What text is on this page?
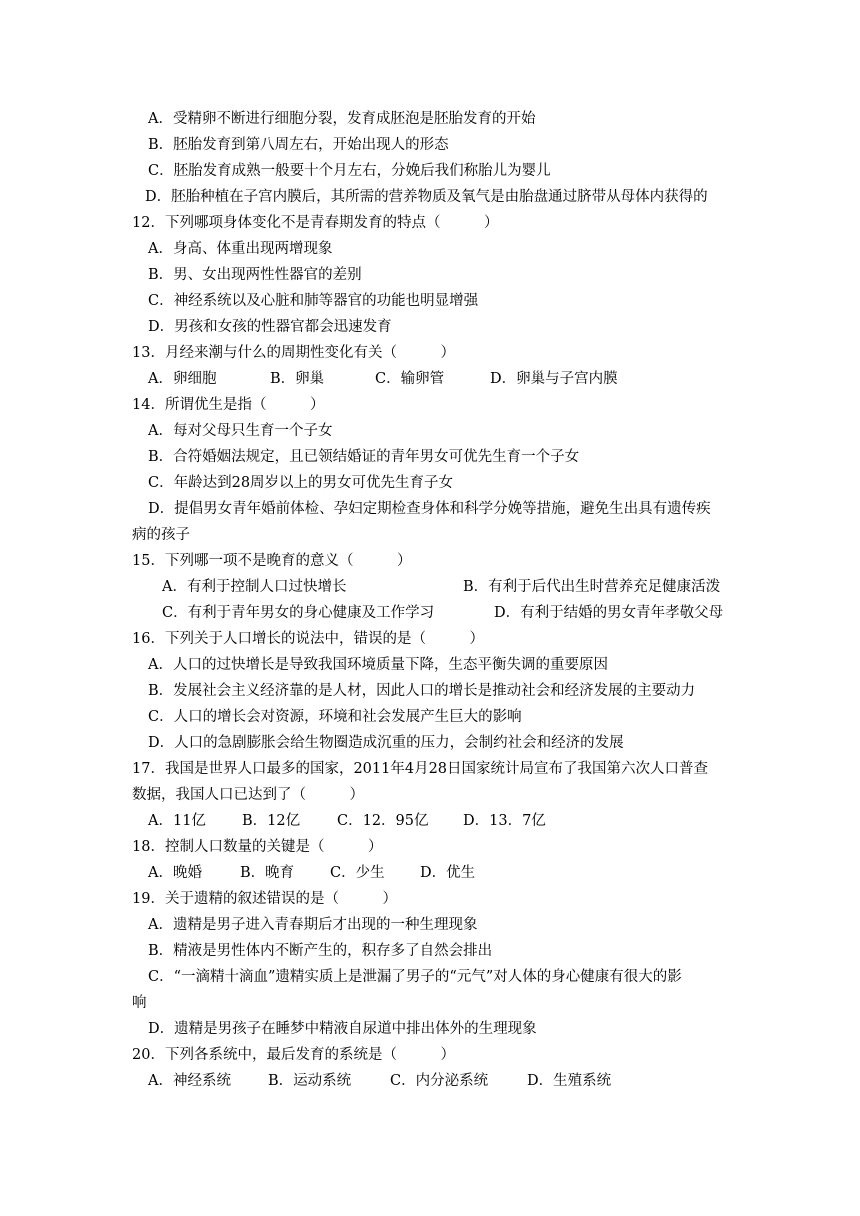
A．受精卵不断进行细胞分裂，发育成胚泡是胚胎发育的开始
B．胚胎发育到第八周左右，开始出现人的形态
C．胚胎发育成熟一般要十个月左右，分娩后我们称胎儿为婴儿
D．胚胎种植在子宫内膜后，其所需的营养物质及氧气是由胎盘通过脐带从母体内获得的
12．下列哪项身体变化不是青春期发育的特点（　　　）
A．身高、体重出现两增现象
B．男、女出现两性性器官的差别
C．神经系统以及心脏和肺等器官的功能也明显增强
D．男孩和女孩的性器官都会迅速发育
13．月经来潮与什么的周期性变化有关（　　　）
A．卵细胞	B．卵巢	C．输卵管	D．卵巢与子宫内膜
14．所谓优生是指（　　　）
A．每对父母只生育一个子女
B．合符婚姻法规定，且已领结婚证的青年男女可优先生育一个子女
C．年龄达到28周岁以上的男女可优先生育子女
D．提倡男女青年婚前体检、孕妇定期检查身体和科学分娩等措施，避免生出具有遗传疾
病的孩子
15．下列哪一项不是晚育的意义（　　　）
A．有利于控制人口过快增长	B．有利于后代出生时营养充足健康活泼
C．有利于青年男女的身心健康及工作学习	D．有利于结婚的男女青年孝敬父母
16．下列关于人口增长的说法中，错误的是（　　　）
A．人口的过快增长是导致我国环境质量下降，生态平衡失调的重要原因
B．发展社会主义经济靠的是人材，因此人口的增长是推动社会和经济发展的主要动力
C．人口的增长会对资源，环境和社会发展产生巨大的影响
D．人口的急剧膨胀会给生物圈造成沉重的压力，会制约社会和经济的发展
17．我国是世界人口最多的国家，2011年4月28日国家统计局宣布了我国第六次人口普查
数据，我国人口已达到了（　　　）
A．11亿 B．12亿	C．12．95亿 D．13．7亿
18．控制人口数量的关键是（　　　）
A．晚婚	B．晚育 C．少生 D．优生
19．关于遗精的叙述错误的是（　　　）
A．遗精是男子进入青春期后才出现的一种生理现象
B．精液是男性体内不断产生的，积存多了自然会排出
C．“一滴精十滴血”遗精实质上是泄漏了男子的“元气”对人体的身心健康有很大的影
响
D．遗精是男孩子在睡梦中精液自尿道中排出体外的生理现象
20．下列各系统中，最后发育的系统是（　　　）
A．神经系统	B．运动系统	C．内分泌系统	D．生殖系统
